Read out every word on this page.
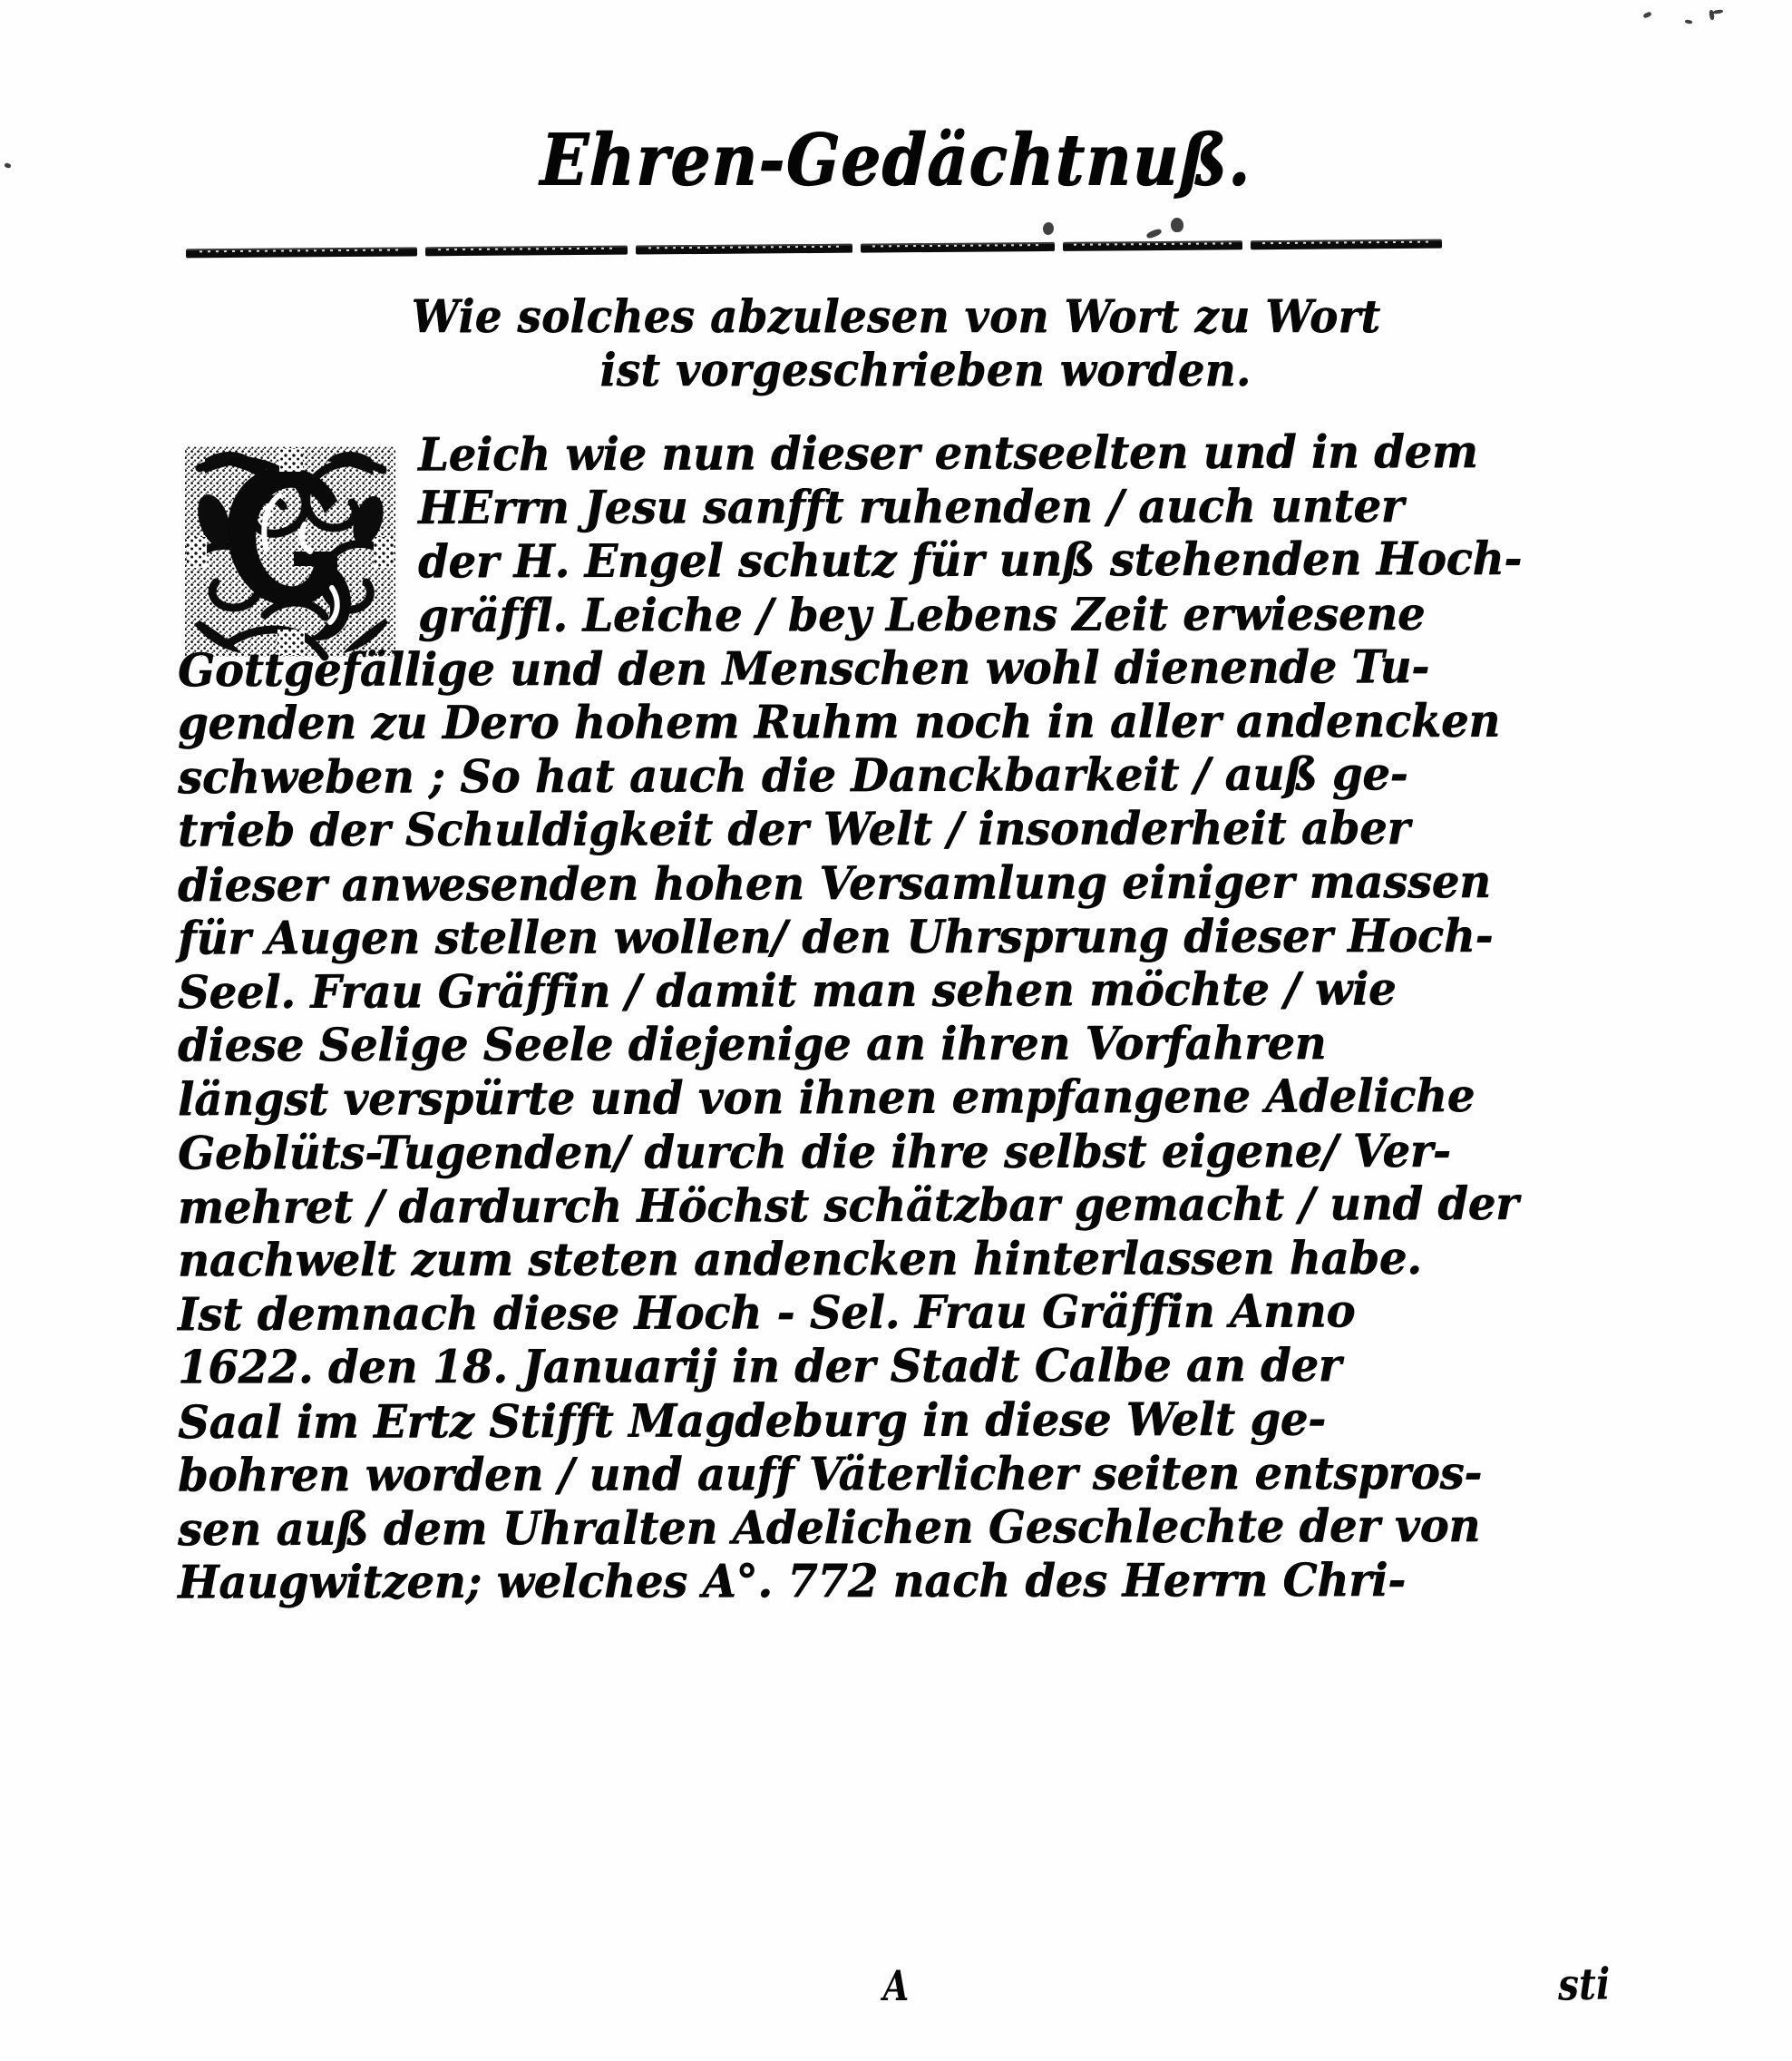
Ehren-Gedächtnuß.
Wie solches abzulesen von Wort zu Wort
ist vorgeschrieben worden.
Leich wie nun dieser entseelten und in dem
HErrn Jesu sanfft ruhenden / auch unter
der H. Engel schutz für unß stehenden Hoch-
gräffl. Leiche / bey Lebens Zeit erwiesene
Gottgefällige und den Menschen wohl dienende Tu-
genden zu Dero hohem Ruhm noch in aller andencken
schweben ; So hat auch die Danckbarkeit / auß ge-
trieb der Schuldigkeit der Welt / insonderheit aber
dieser anwesenden hohen Versamlung einiger massen
für Augen stellen wollen/ den Uhrsprung dieser Hoch-
Seel. Frau Gräffin / damit man sehen möchte / wie
diese Selige Seele diejenige an ihren Vorfahren
längst verspürte und von ihnen empfangene Adeliche
Geblüts-Tugenden/ durch die ihre selbst eigene/ Ver-
mehret / dardurch Höchst schätzbar gemacht / und der
nachwelt zum steten andencken hinterlassen habe.
Ist demnach diese Hoch - Sel. Frau Gräffin Anno
1622. den 18. Januarij in der Stadt Calbe an der
Saal im Ertz Stifft Magdeburg in diese Welt ge-
bohren worden / und auff Väterlicher seiten entspros-
sen auß dem Uhralten Adelichen Geschlechte der von
Haugwitzen; welches A°. 772 nach des Herrn Chri-
A	sti
